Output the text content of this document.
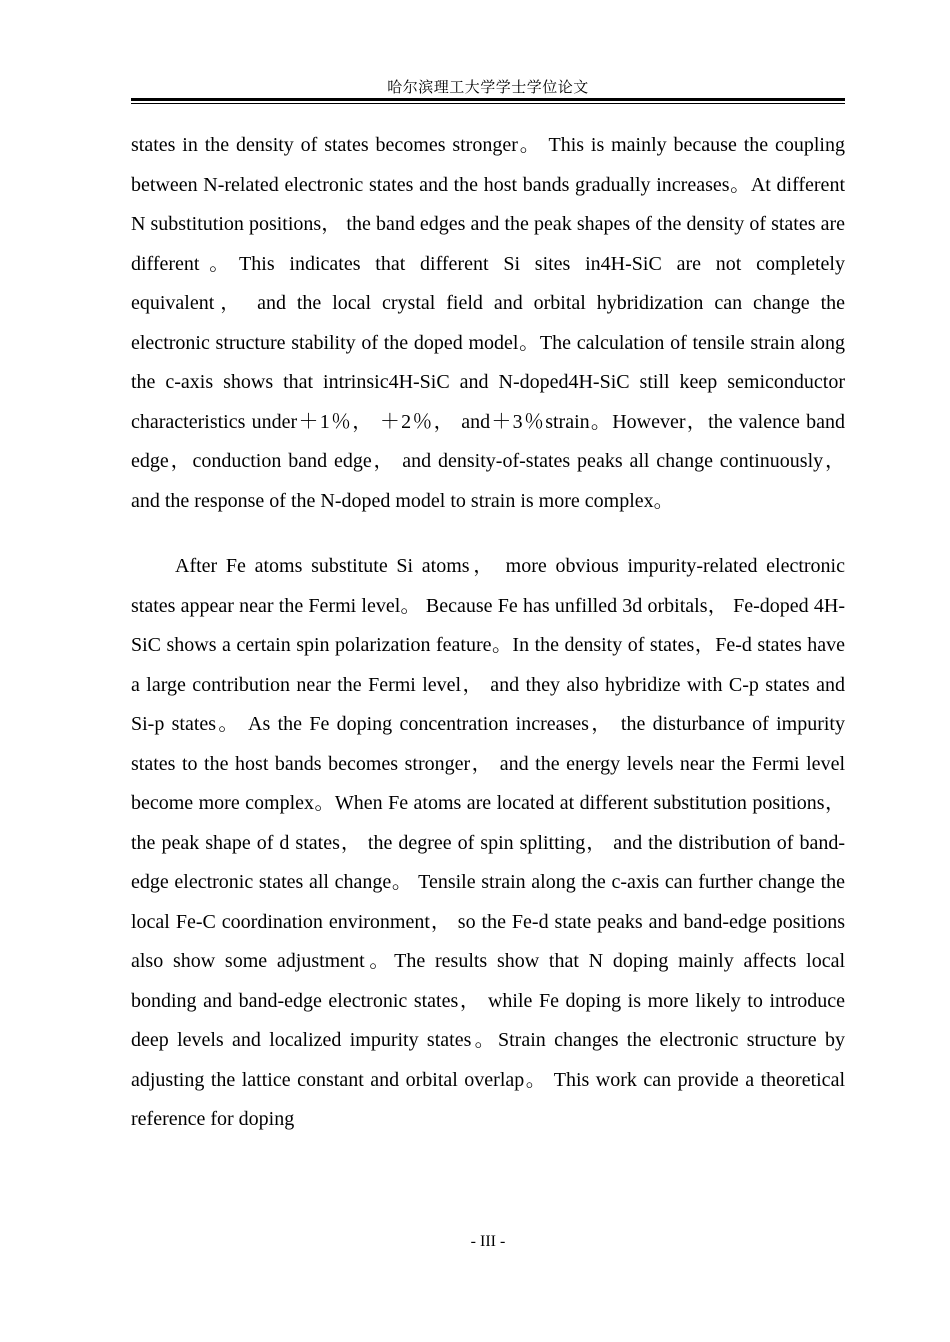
哈尔滨理工大学学士学位论文

states in the density of states becomes stronger。 This is mainly because the coupling between N-related electronic states and the host bands gradually increases。At different N substitution positions， the band edges and the peak shapes of the density of states are different。This indicates that different Si sites in4H-SiC are not completely equivalent， and the local crystal field and orbital hybridization can change the electronic structure stability of the doped model。The calculation of tensile strain along the c-axis shows that intrinsic4H-SiC and N-doped4H-SiC still keep semiconductor characteristics under＋1％， ＋2％， and＋3％strain。However，the valence band edge，conduction band edge， and density-of-states peaks all change continuously，and the response of the N-doped model to strain is more complex。

After Fe atoms substitute Si atoms， more obvious impurity-related electronic states appear near the Fermi level。 Because Fe has unfilled 3d orbitals， Fe-doped 4H-SiC shows a certain spin polarization feature。In the density of states，Fe-d states have a large contribution near the Fermi level， and they also hybridize with C-p states and Si-p states。 As the Fe doping concentration increases， the disturbance of impurity states to the host bands becomes stronger， and the energy levels near the Fermi level become more complex。When Fe atoms are located at different substitution positions， the peak shape of d states， the degree of spin splitting， and the distribution of band-edge electronic states all change。 Tensile strain along the c-axis can further change the local Fe-C coordination environment， so the Fe-d state peaks and band-edge positions also show some adjustment。The results show that N doping mainly affects local bonding and band-edge electronic states， while Fe doping is more likely to introduce deep levels and localized impurity states。Strain changes the electronic structure by adjusting the lattice constant and orbital overlap。 This work can provide a theoretical reference for doping

- III -
